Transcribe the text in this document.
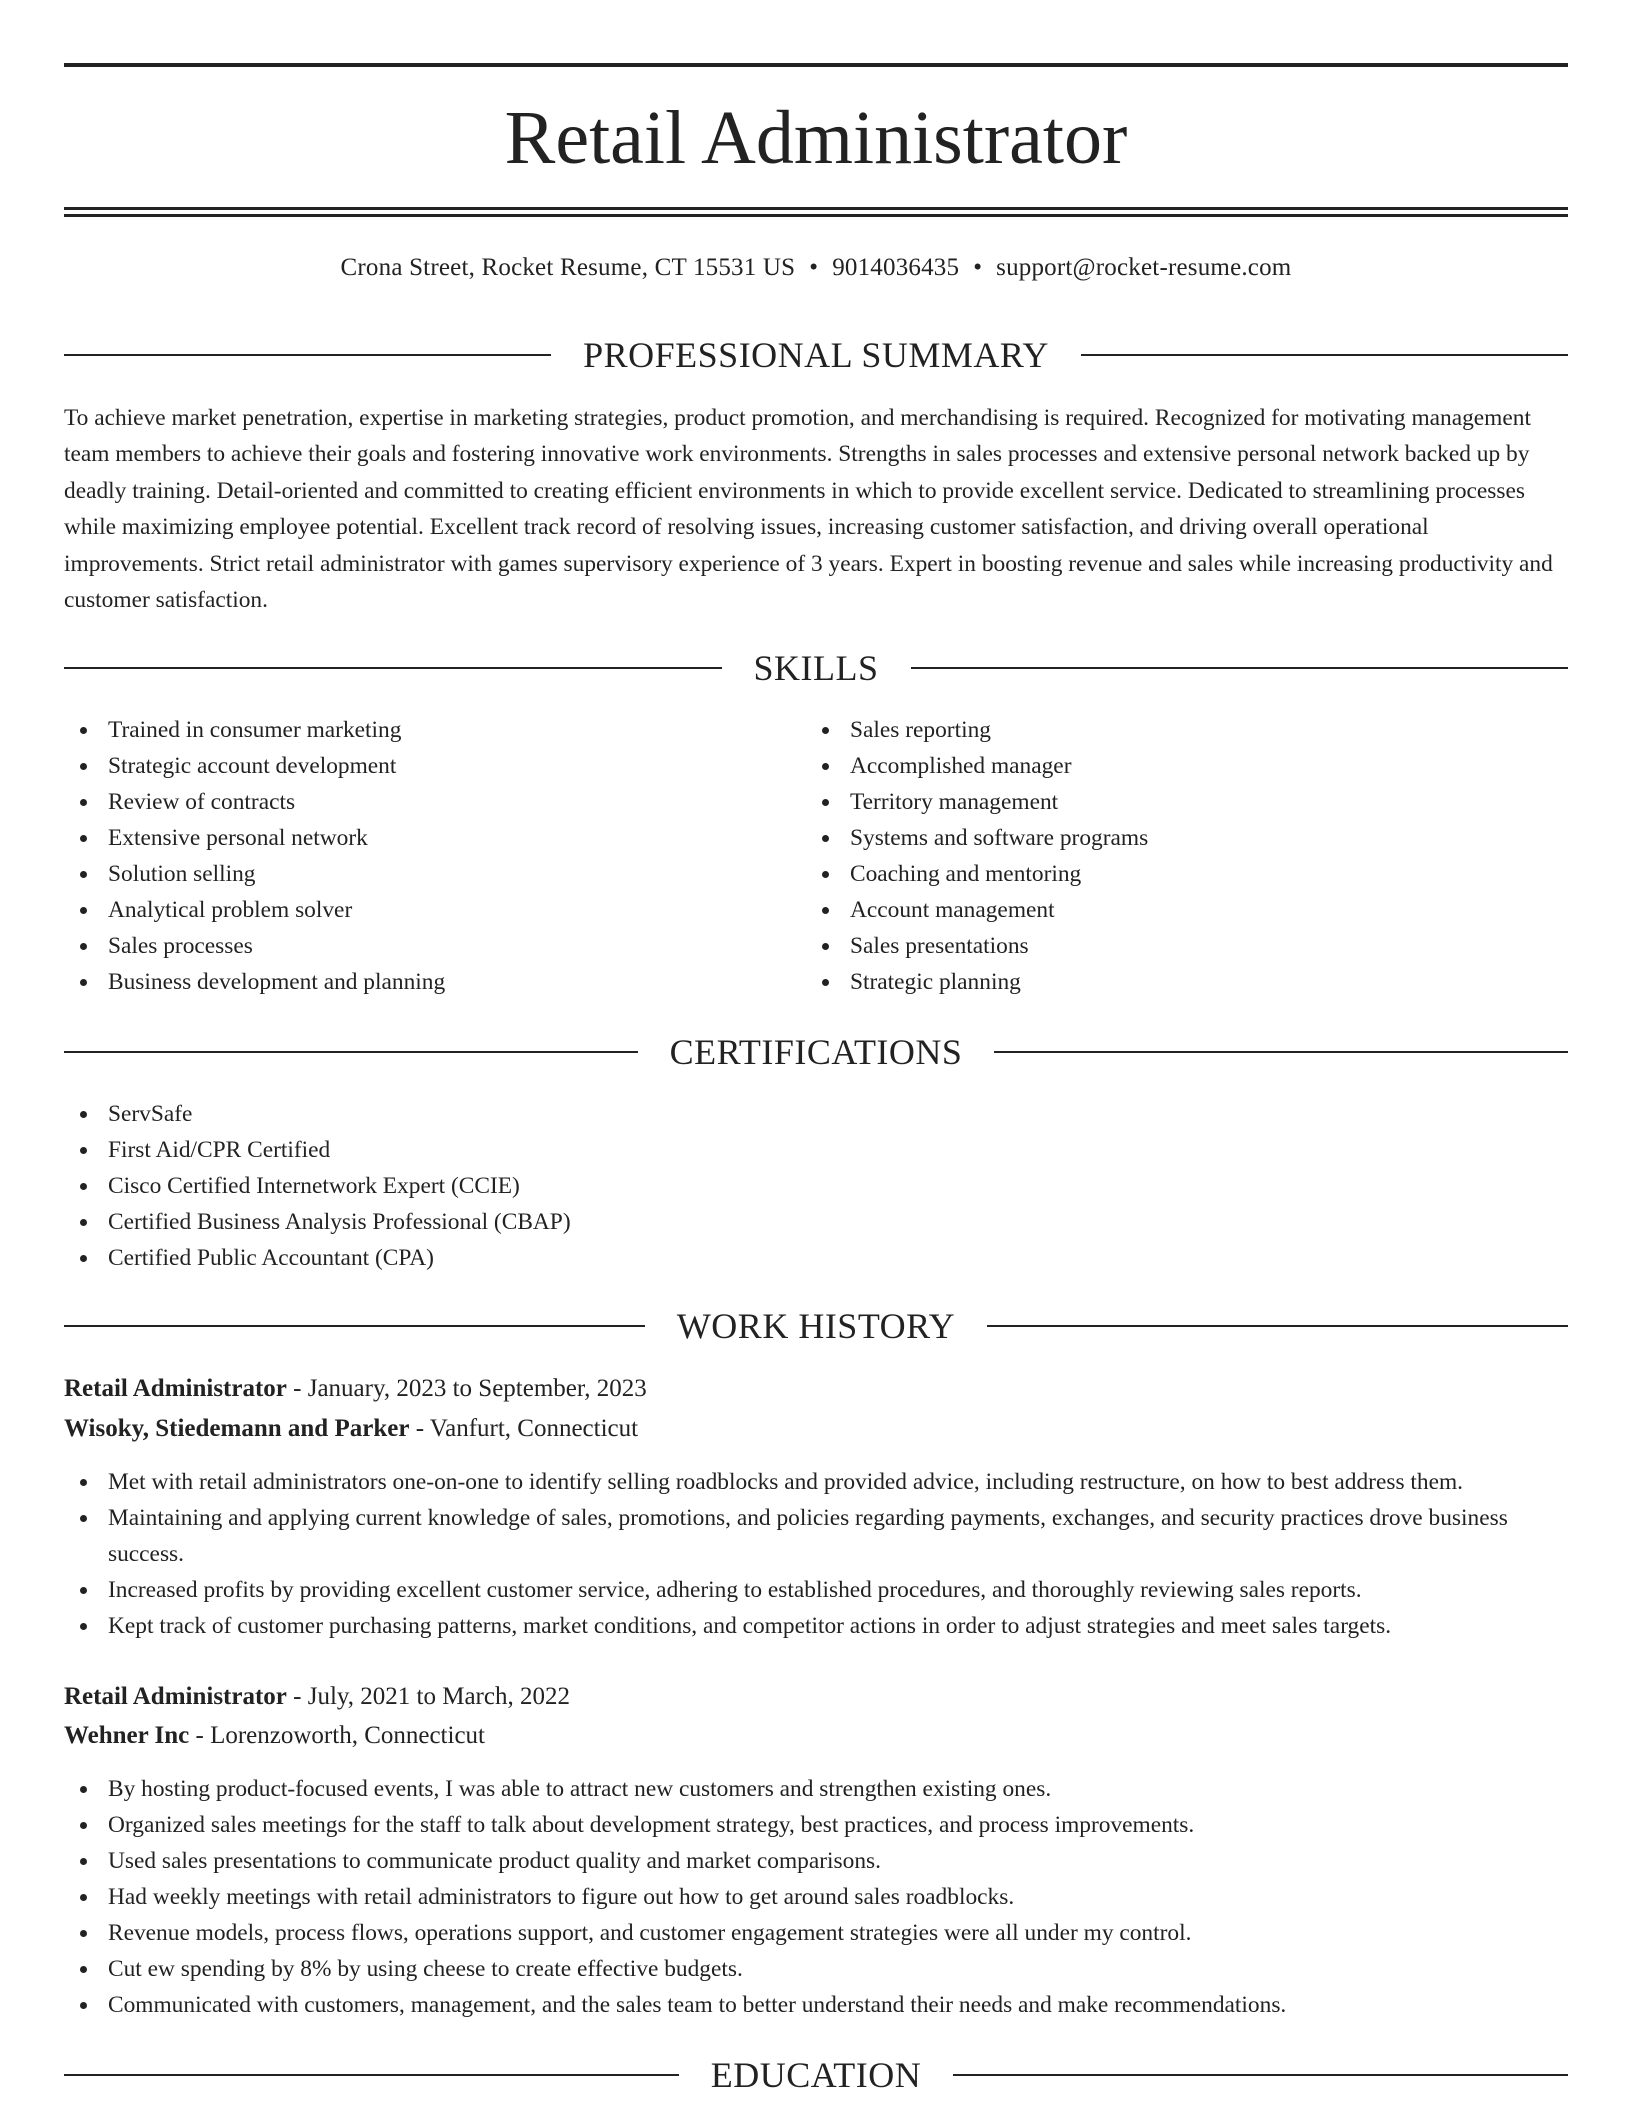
Retail Administrator
Crona Street, Rocket Resume, CT 15531 US • 9014036435 • support@rocket-resume.com
PROFESSIONAL SUMMARY

To achieve market penetration, expertise in marketing strategies, product promotion, and merchandising is required. Recognized for motivating management team members to achieve their goals and fostering innovative work environments. Strengths in sales processes and extensive personal network backed up by deadly training. Detail-oriented and committed to creating efficient environments in which to provide excellent service. Dedicated to streamlining processes while maximizing employee potential. Excellent track record of resolving issues, increasing customer satisfaction, and driving overall operational improvements. Strict retail administrator with games supervisory experience of 3 years. Expert in boosting revenue and sales while increasing productivity and customer satisfaction.

SKILLS
Trained in consumer marketing
Strategic account development
Review of contracts
Extensive personal network
Solution selling
Analytical problem solver
Sales processes
Business development and planning
Sales reporting
Accomplished manager
Territory management
Systems and software programs
Coaching and mentoring
Account management
Sales presentations
Strategic planning
CERTIFICATIONS
ServSafe
First Aid/CPR Certified
Cisco Certified Internetwork Expert (CCIE)
Certified Business Analysis Professional (CBAP)
Certified Public Accountant (CPA)
WORK HISTORY
Retail Administrator - January, 2023 to September, 2023
Wisoky, Stiedemann and Parker - Vanfurt, Connecticut
Met with retail administrators one-on-one to identify selling roadblocks and provided advice, including restructure, on how to best address them.
Maintaining and applying current knowledge of sales, promotions, and policies regarding payments, exchanges, and security practices drove business success.
Increased profits by providing excellent customer service, adhering to established procedures, and thoroughly reviewing sales reports.
Kept track of customer purchasing patterns, market conditions, and competitor actions in order to adjust strategies and meet sales targets.
Retail Administrator - July, 2021 to March, 2022
Wehner Inc - Lorenzoworth, Connecticut
By hosting product-focused events, I was able to attract new customers and strengthen existing ones.
Organized sales meetings for the staff to talk about development strategy, best practices, and process improvements.
Used sales presentations to communicate product quality and market comparisons.
Had weekly meetings with retail administrators to figure out how to get around sales roadblocks.
Revenue models, process flows, operations support, and customer engagement strategies were all under my control.
Cut ew spending by 8% by using cheese to create effective budgets.
Communicated with customers, management, and the sales team to better understand their needs and make recommendations.
EDUCATION
